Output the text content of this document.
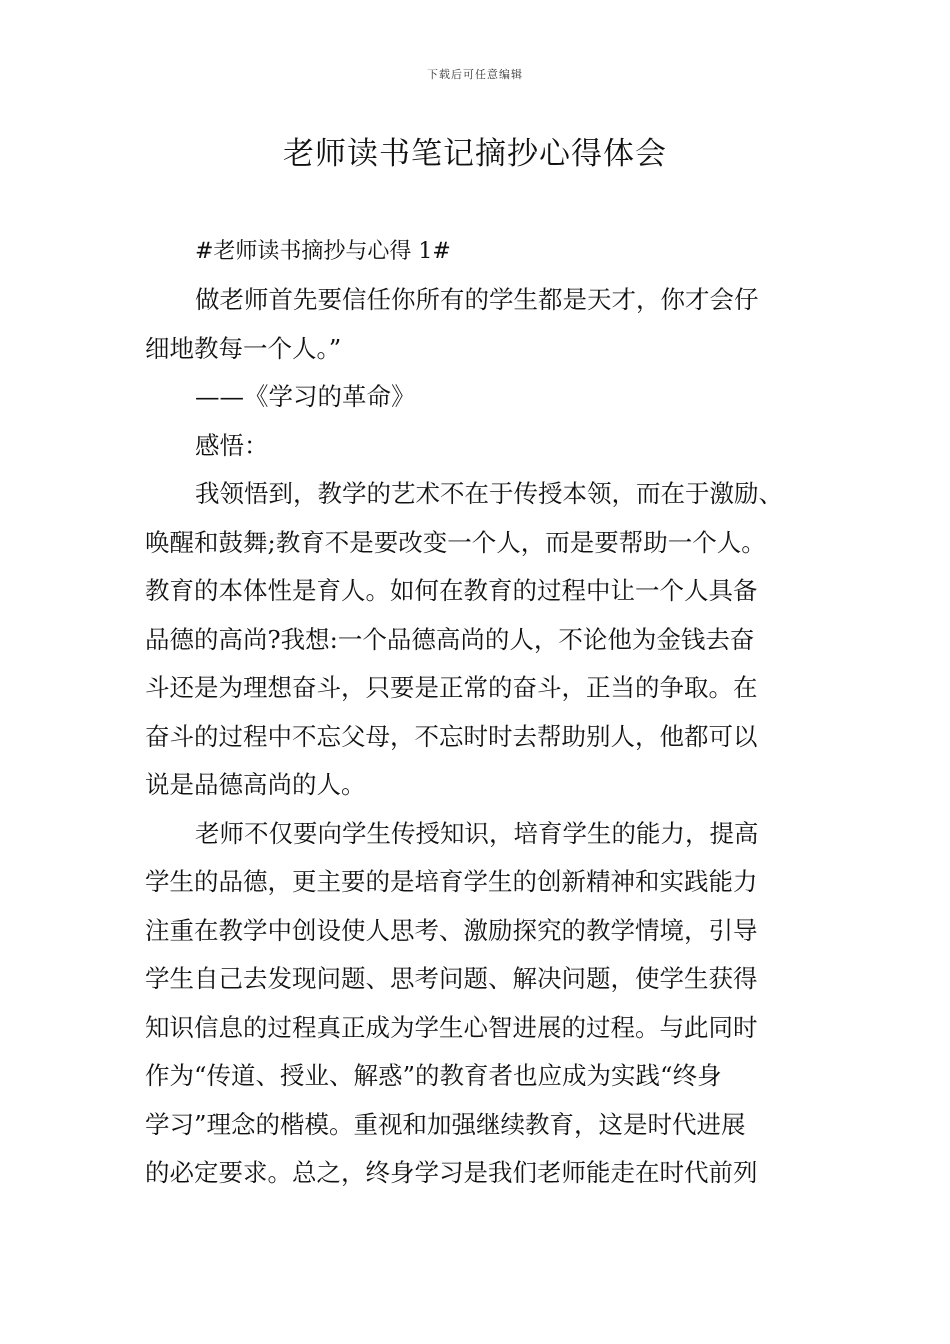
下载后可任意编辑
老师读书笔记摘抄心得体会
#老师读书摘抄与心得 1#
做老师首先要信任你所有的学生都是天才，你才会仔
细地教每一个人。”
——《学习的革命》
感悟：
我领悟到，教学的艺术不在于传授本领，而在于激励、
唤醒和鼓舞;教育不是要改变一个人，而是要帮助一个人。
教育的本体性是育人。如何在教育的过程中让一个人具备
品德的高尚?我想:一个品德高尚的人，不论他为金钱去奋
斗还是为理想奋斗，只要是正常的奋斗，正当的争取。在
奋斗的过程中不忘父母，不忘时时去帮助别人，他都可以
说是品德高尚的人。
老师不仅要向学生传授知识，培育学生的能力，提高
学生的品德，更主要的是培育学生的创新精神和实践能力
注重在教学中创设使人思考、激励探究的教学情境，引导
学生自己去发现问题、思考问题、解决问题，使学生获得
知识信息的过程真正成为学生心智进展的过程。与此同时
作为“传道、授业、解惑”的教育者也应成为实践“终身
学习”理念的楷模。重视和加强继续教育，这是时代进展
的必定要求。总之，终身学习是我们老师能走在时代前列
